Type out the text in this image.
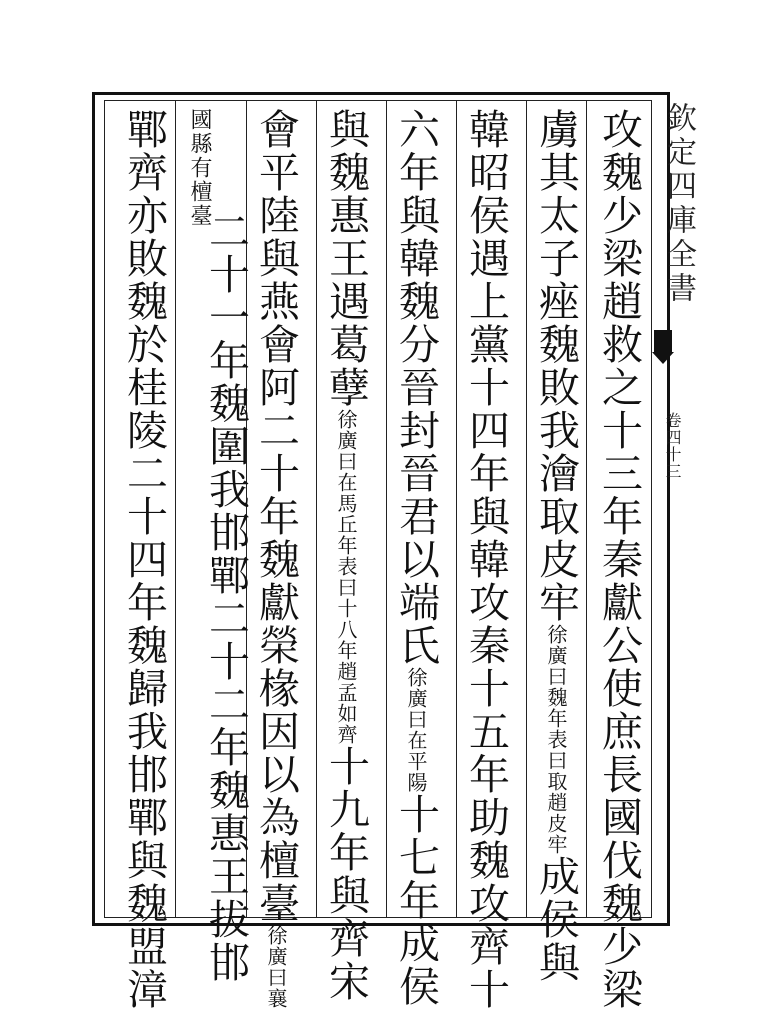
欽定四庫全書
卷四十三
攻魏少梁趙救之十三年秦獻公使庶長國伐魏少梁
虜其太子痤魏敗我澮取皮牢徐廣曰魏年表曰取趙皮牢成侯與
韓昭侯遇上黨十四年與韓攻秦十五年助魏攻齊十
六年與韓魏分晉封晉君以端氏徐廣曰在平陽十七年成侯
與魏惠王遇葛孽徐廣曰在馬丘年表曰十八年趙孟如齊十九年與齊宋
會平陸與燕會阿二十年魏獻榮椽因以為檀臺徐廣曰襄
國縣有檀臺
二十一年魏圍我邯鄲二十二年魏惠王拔邯
鄲齊亦敗魏於桂陵二十四年魏歸我邯鄲與魏盟漳
